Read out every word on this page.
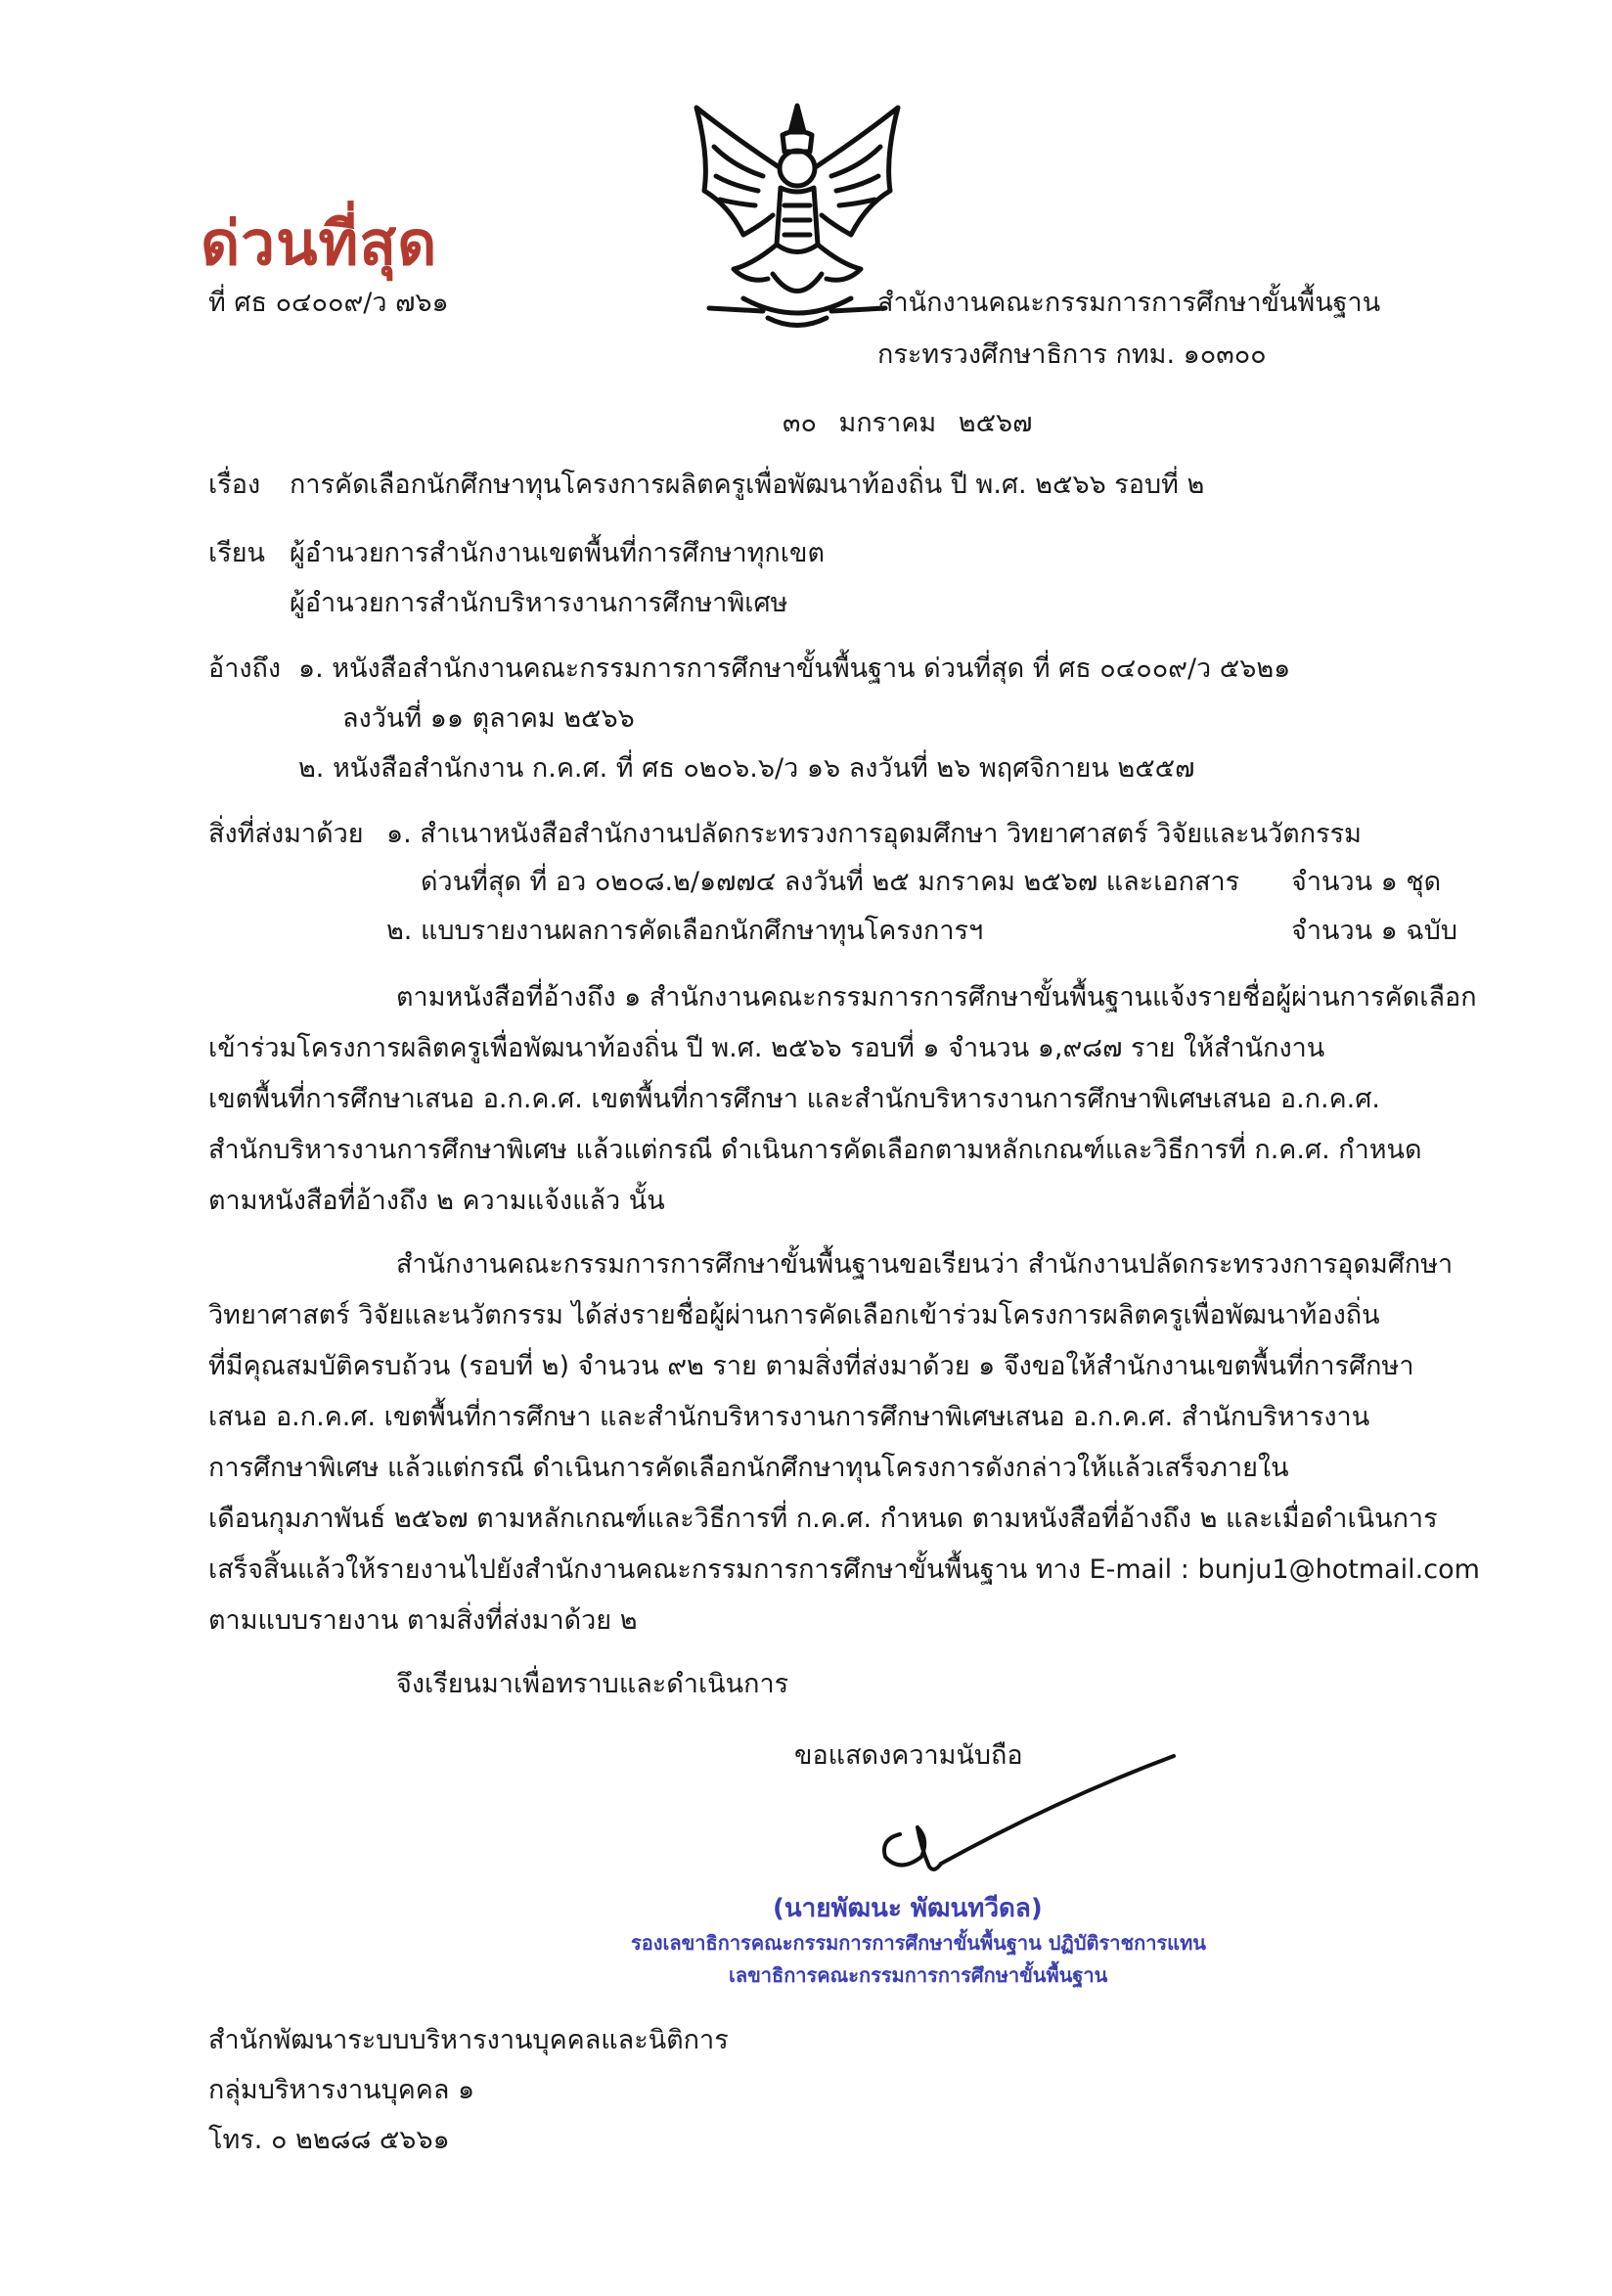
ด่วนที่สุด
ที่ ศธ ๐๔๐๐๙/ว ๗๖๑	สำนักงานคณะกรรมการการศึกษาขั้นพื้นฐาน
กระทรวงศึกษาธิการ กทม. ๑๐๓๐๐
๓๐ มกราคม ๒๕๖๗
เรื่อง การคัดเลือกนักศึกษาทุนโครงการผลิตครูเพื่อพัฒนาท้องถิ่น ปี พ.ศ. ๒๕๖๖ รอบที่ ๒
เรียน ผู้อำนวยการสำนักงานเขตพื้นที่การศึกษาทุกเขต
ผู้อำนวยการสำนักบริหารงานการศึกษาพิเศษ
อ้างถึง ๑. หนังสือสำนักงานคณะกรรมการการศึกษาขั้นพื้นฐาน ด่วนที่สุด ที่ ศธ ๐๔๐๐๙/ว ๕๖๒๑
ลงวันที่ ๑๑ ตุลาคม ๒๕๖๖
๒. หนังสือสำนักงาน ก.ค.ศ. ที่ ศธ ๐๒๐๖.๖/ว ๑๖ ลงวันที่ ๒๖ พฤศจิกายน ๒๕๕๗
สิ่งที่ส่งมาด้วย ๑. สำเนาหนังสือสำนักงานปลัดกระทรวงการอุดมศึกษา วิทยาศาสตร์ วิจัยและนวัตกรรม
ด่วนที่สุด ที่ อว ๐๒๐๘.๒/๑๗๗๔ ลงวันที่ ๒๕ มกราคม ๒๕๖๗ และเอกสาร จำนวน ๑ ชุด
๒. แบบรายงานผลการคัดเลือกนักศึกษาทุนโครงการฯ	จำนวน ๑ ฉบับ
ตามหนังสือที่อ้างถึง ๑ สำนักงานคณะกรรมการการศึกษาขั้นพื้นฐานแจ้งรายชื่อผู้ผ่านการคัดเลือก
เข้าร่วมโครงการผลิตครูเพื่อพัฒนาท้องถิ่น ปี พ.ศ. ๒๕๖๖ รอบที่ ๑ จำนวน ๑,๙๘๗ ราย ให้สำนักงาน
เขตพื้นที่การศึกษาเสนอ อ.ก.ค.ศ. เขตพื้นที่การศึกษา และสำนักบริหารงานการศึกษาพิเศษเสนอ อ.ก.ค.ศ.
สำนักบริหารงานการศึกษาพิเศษ แล้วแต่กรณี ดำเนินการคัดเลือกตามหลักเกณฑ์และวิธีการที่ ก.ค.ศ. กำหนด
ตามหนังสือที่อ้างถึง ๒ ความแจ้งแล้ว นั้น
สำนักงานคณะกรรมการการศึกษาขั้นพื้นฐานขอเรียนว่า สำนักงานปลัดกระทรวงการอุดมศึกษา
วิทยาศาสตร์ วิจัยและนวัตกรรม ได้ส่งรายชื่อผู้ผ่านการคัดเลือกเข้าร่วมโครงการผลิตครูเพื่อพัฒนาท้องถิ่น
ที่มีคุณสมบัติครบถ้วน (รอบที่ ๒) จำนวน ๙๒ ราย ตามสิ่งที่ส่งมาด้วย ๑ จึงขอให้สำนักงานเขตพื้นที่การศึกษา
เสนอ อ.ก.ค.ศ. เขตพื้นที่การศึกษา และสำนักบริหารงานการศึกษาพิเศษเสนอ อ.ก.ค.ศ. สำนักบริหารงาน
การศึกษาพิเศษ แล้วแต่กรณี ดำเนินการคัดเลือกนักศึกษาทุนโครงการดังกล่าวให้แล้วเสร็จภายใน
เดือนกุมภาพันธ์ ๒๕๖๗ ตามหลักเกณฑ์และวิธีการที่ ก.ค.ศ. กำหนด ตามหนังสือที่อ้างถึง ๒ และเมื่อดำเนินการ
เสร็จสิ้นแล้วให้รายงานไปยังสำนักงานคณะกรรมการการศึกษาขั้นพื้นฐาน ทาง E-mail : bunju1@hotmail.com
ตามแบบรายงาน ตามสิ่งที่ส่งมาด้วย ๒
จึงเรียนมาเพื่อทราบและดำเนินการ
ขอแสดงความนับถือ
(นายพัฒนะ พัฒนทวีดล)
รองเลขาธิการคณะกรรมการการศึกษาขั้นพื้นฐาน ปฏิบัติราชการแทน
เลขาธิการคณะกรรมการการศึกษาขั้นพื้นฐาน
สำนักพัฒนาระบบบริหารงานบุคคลและนิติการ
กลุ่มบริหารงานบุคคล ๑
โทร. ๐ ๒๒๘๘ ๕๖๖๑
